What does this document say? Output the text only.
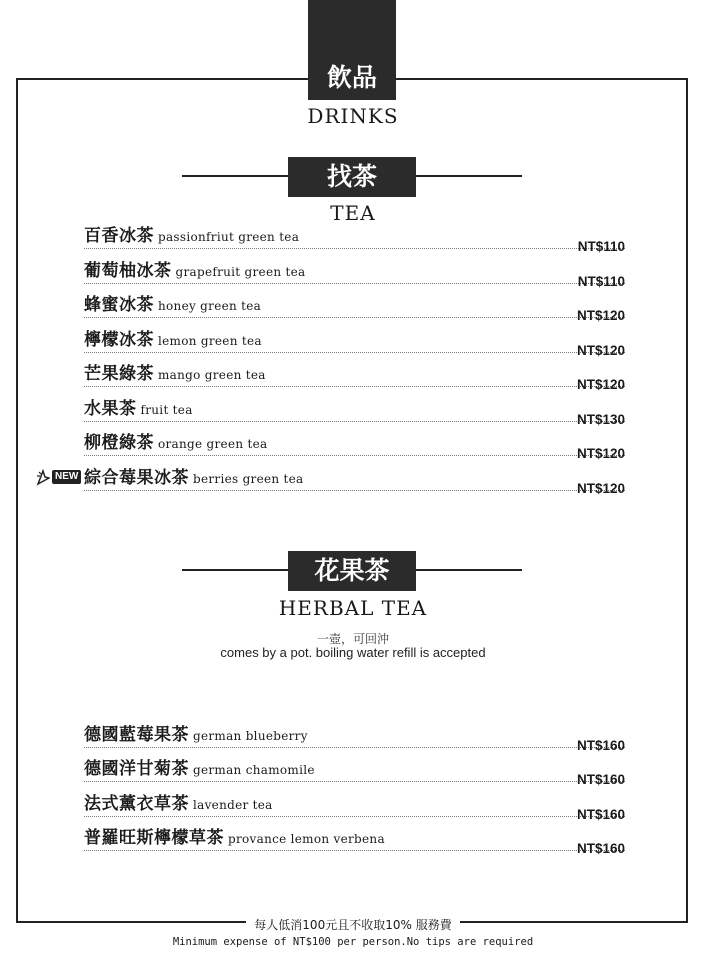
飲品
DRINKS
找茶
TEA
百香冰茶 passionfriut green tea
NT$110
葡萄柚冰茶 grapefruit green tea
NT$110
蜂蜜冰茶 honey green tea
NT$120
檸檬冰茶 lemon green tea
NT$120
芒果綠茶 mango green tea
NT$120
水果茶 fruit tea
NT$130
柳橙綠茶 orange green tea
NT$120
NEW 綜合莓果冰茶 berries green tea
NT$120
花果茶
HERBAL TEA
一壺，可回沖
comes by a pot. boiling water refill is accepted
德國藍莓果茶 german blueberry
NT$160
德國洋甘菊茶 german chamomile
NT$160
法式薰衣草茶 lavender tea
NT$160
普羅旺斯檸檬草茶 provance lemon verbena
NT$160
每人低消100元且不收取10% 服務費
Minimum expense of NT$100 per person.No tips are required
